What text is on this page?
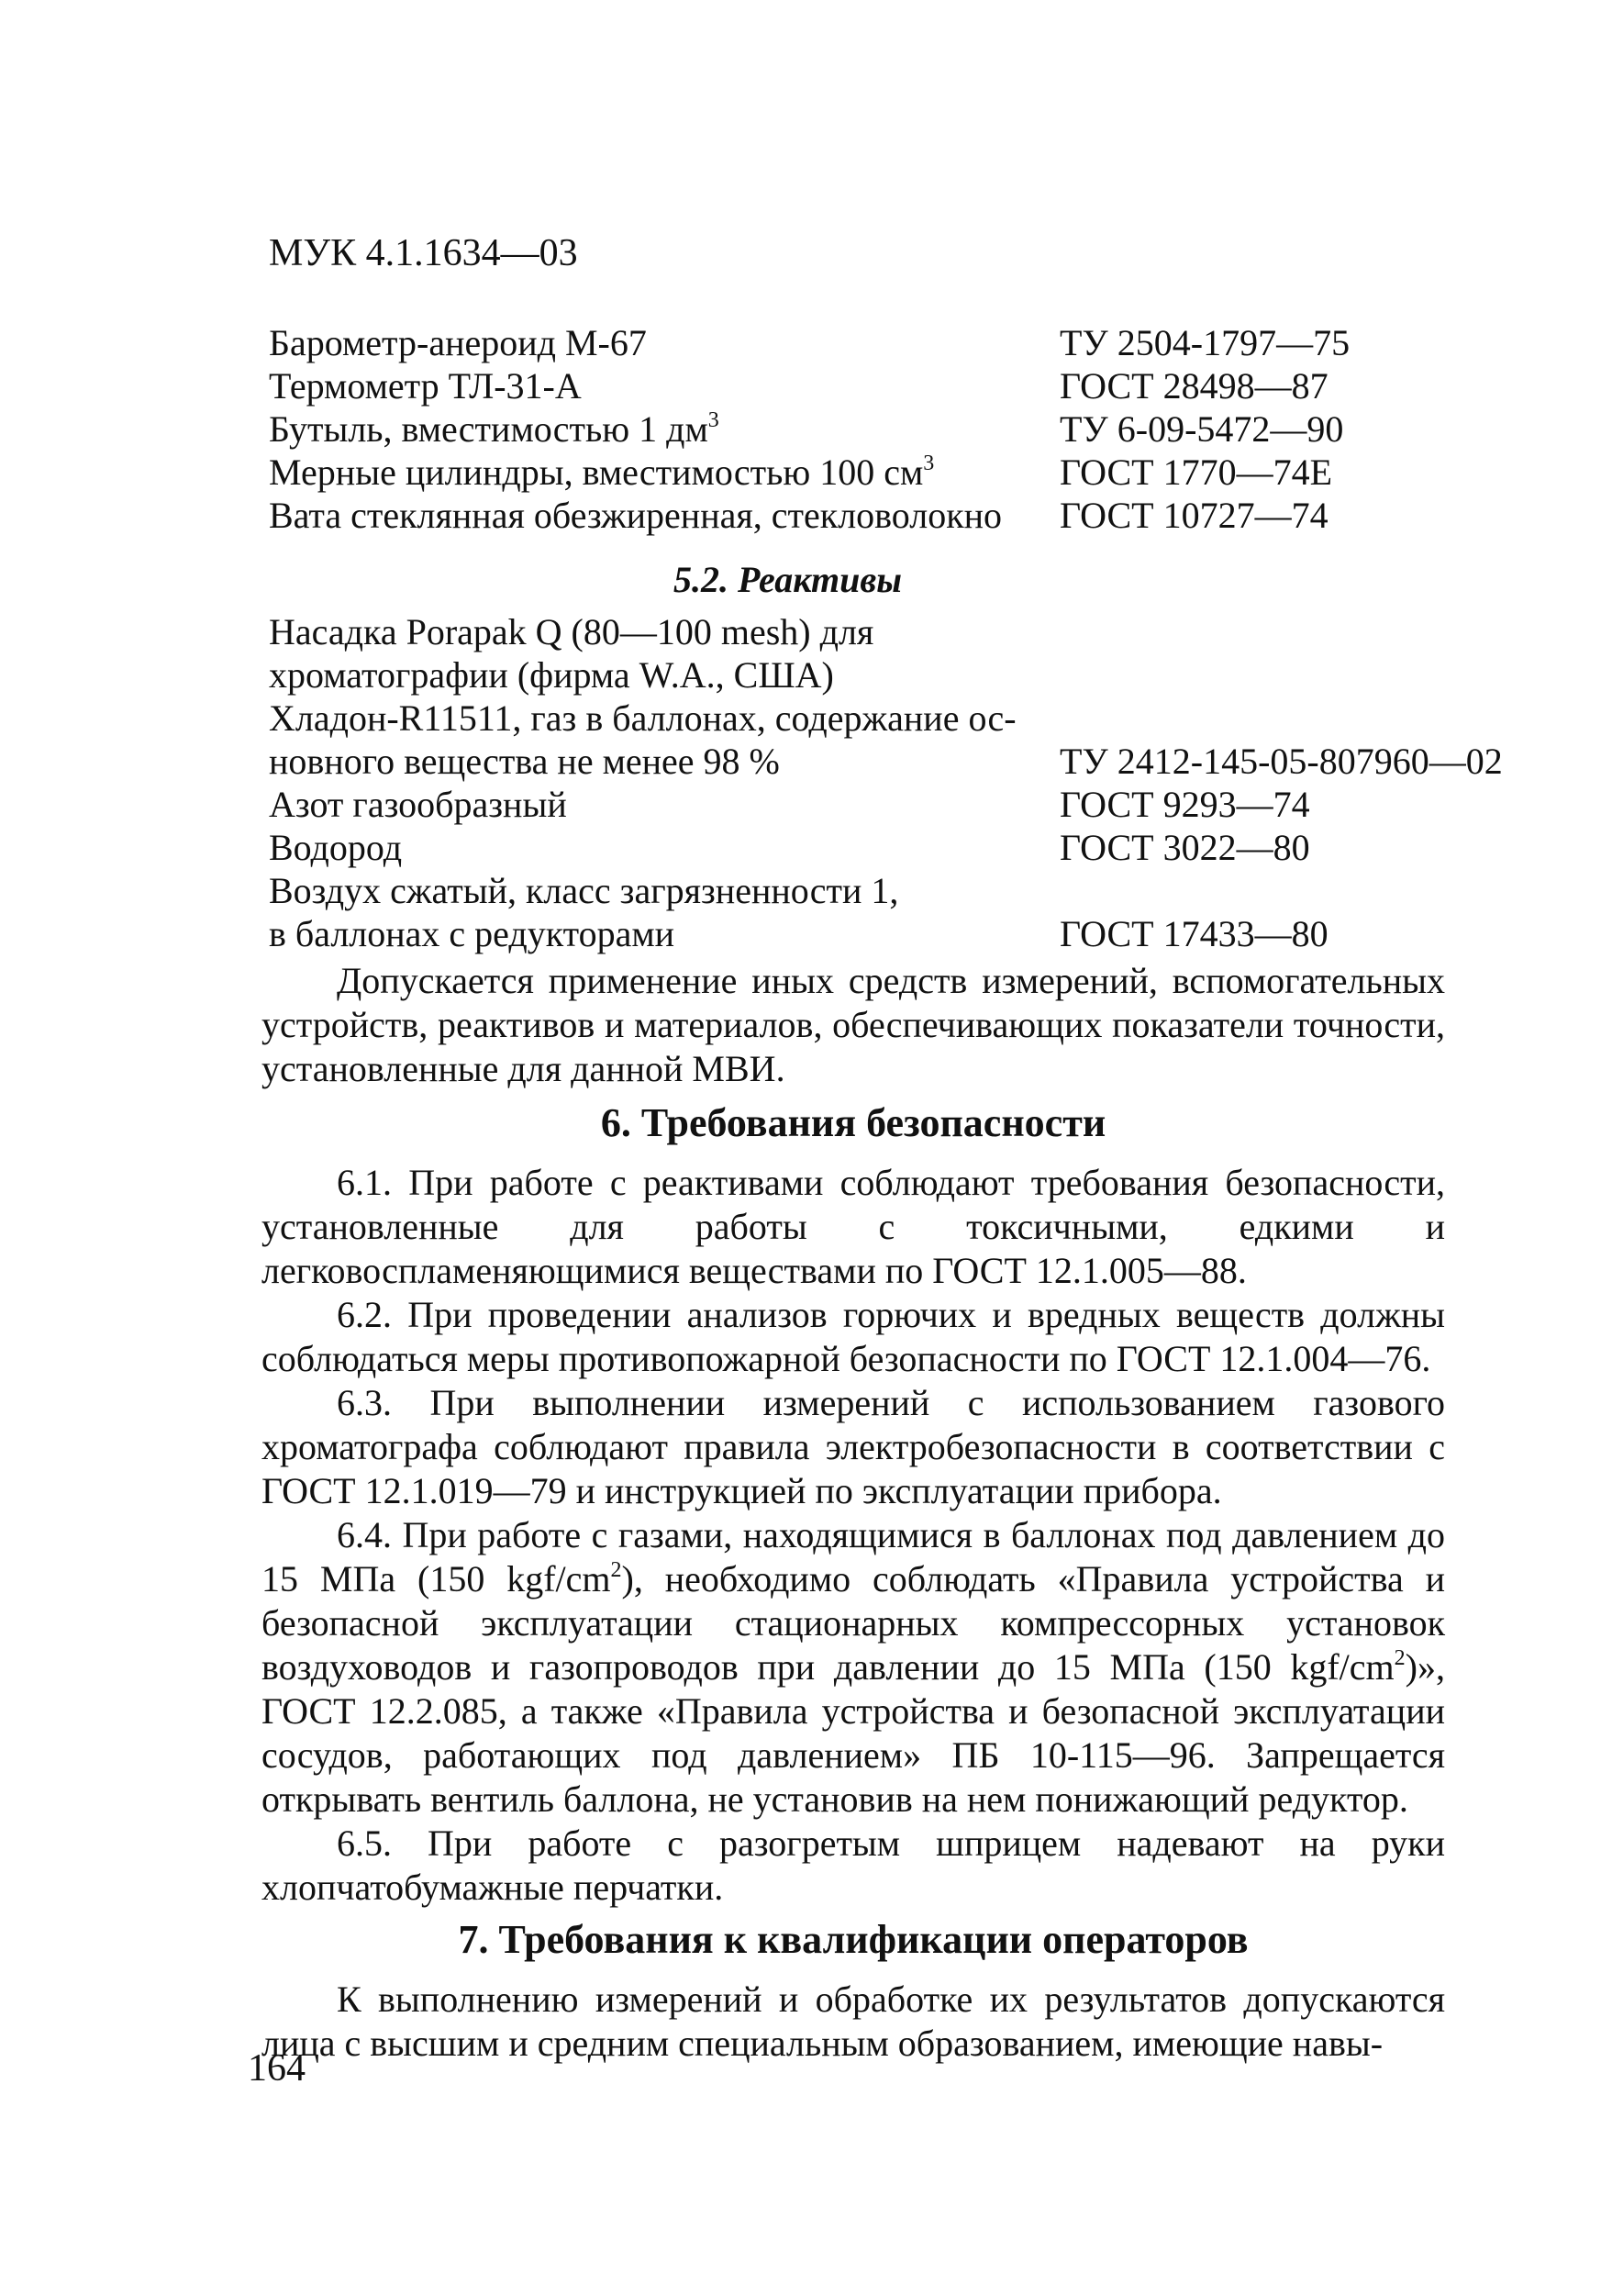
МУК 4.1.1634—03
Барометр-анероид М-67	ТУ 2504-1797—75
Термометр ТЛ-31-А	ГОСТ 28498—87
Бутыль, вместимостью 1 $дм^3$	ТУ 6-09-5472—90
Мерные цилиндры, вместимостью 100 $см^3$	ГОСТ 1770—74Е
Вата стеклянная обезжиренная, стекловолокно ГОСТ 10727—74
5.2. Реактивы
Насадка Porapak Q (80—100 mesh) для
хроматографии (фирма W.A., США)
Хладон-R11511, газ в баллонах, содержание ос-
новного вещества не менее 98 %	ТУ 2412-145-05-807960—02
Азот газообразный	ГОСТ 9293—74
Водород	ГОСТ 3022—80
Воздух сжатый, класс загрязненности 1,
в баллонах с редукторами	ГОСТ 17433—80

Допускается применение иных средств измерений, вспомогательных устройств, реактивов и материалов, обеспечивающих показатели точности, установленные для данной МВИ.

6. Требования безопасности

6.1. При работе с реактивами соблюдают требования безопасности, установленные для работы с токсичными, едкими и легковоспламеняющимися веществами по ГОСТ 12.1.005—88.

6.2. При проведении анализов горючих и вредных веществ должны соблюдаться меры противопожарной безопасности по ГОСТ 12.1.004—76.

6.3. При выполнении измерений с использованием газового хроматографа соблюдают правила электробезопасности в соответствии с ГОСТ 12.1.019—79 и инструкцией по эксплуатации прибора.

6.4. При работе с газами, находящимися в баллонах под давлением до 15 МПа (150 kgf/$cm^2$), необходимо соблюдать «Правила устройства и безопасной эксплуатации стационарных компрессорных установок воздуховодов и газопроводов при давлении до 15 МПа (150 kgf/$cm^2$)», ГОСТ 12.2.085, а также «Правила устройства и безопасной эксплуатации сосудов, работающих под давлением» ПБ 10-115—96. Запрещается открывать вентиль баллона, не установив на нем понижающий редуктор.

6.5. При работе с разогретым шприцем надевают на руки хлопчатобумажные перчатки.

7. Требования к квалификации операторов

К выполнению измерений и обработке их результатов допускаются лица с высшим и средним специальным образованием, имеющие навы-

164
